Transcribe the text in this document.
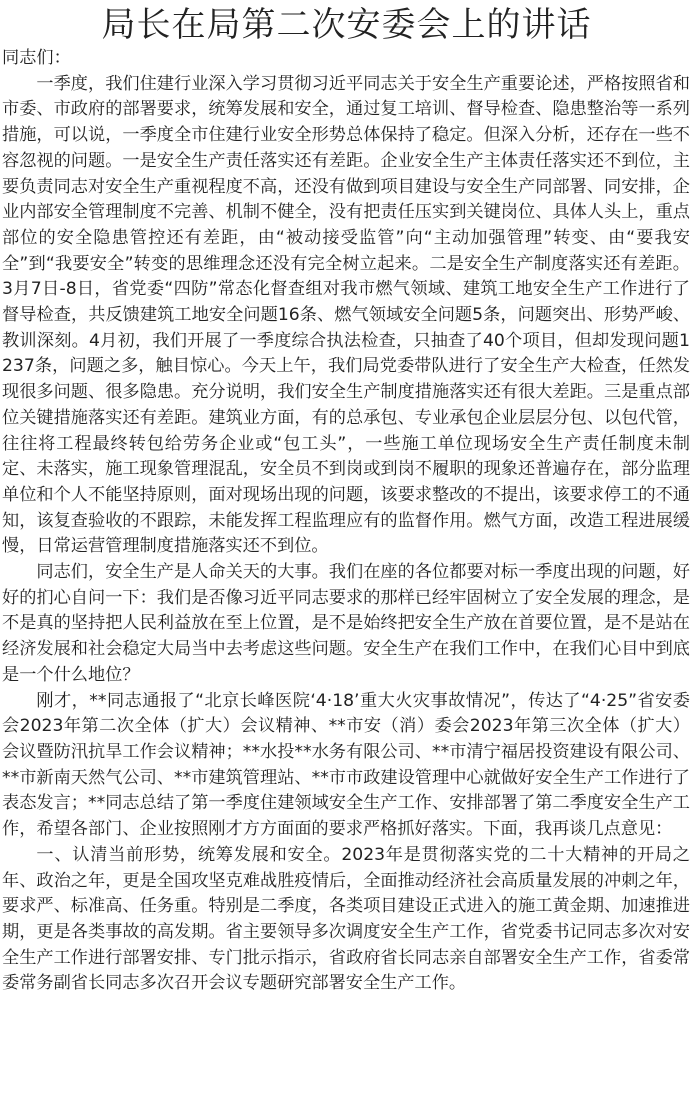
局长在局第二次安委会上的讲话

同志们：

一季度，我们住建行业深入学习贯彻习近平同志关于安全生产重要论述，严格按照省和市委、市政府的部署要求，统筹发展和安全，通过复工培训、督导检查、隐患整治等一系列措施，可以说，一季度全市住建行业安全形势总体保持了稳定。但深入分析，还存在一些不容忽视的问题。一是安全生产责任落实还有差距。企业安全生产主体责任落实还不到位，主要负责同志对安全生产重视程度不高，还没有做到项目建设与安全生产同部署、同安排，企业内部安全管理制度不完善、机制不健全，没有把责任压实到关键岗位、具体人头上，重点部位的安全隐患管控还有差距，由“被动接受监管”向“主动加强管理”转变、由“要我安全”到“我要安全”转变的思维理念还没有完全树立起来。二是安全生产制度落实还有差距。3月7日-8日，省党委“四防”常态化督查组对我市燃气领域、建筑工地安全生产工作进行了督导检查，共反馈建筑工地安全问题16条、燃气领域安全问题5条，问题突出、形势严峻、教训深刻。4月初，我们开展了一季度综合执法检查，只抽查了40个项目，但却发现问题1237条，问题之多，触目惊心。今天上午，我们局党委带队进行了安全生产大检查，任然发现很多问题、很多隐患。充分说明，我们安全生产制度措施落实还有很大差距。三是重点部位关键措施落实还有差距。建筑业方面，有的总承包、专业承包企业层层分包、以包代管，往往将工程最终转包给劳务企业或“包工头”，一些施工单位现场安全生产责任制度未制定、未落实，施工现象管理混乱，安全员不到岗或到岗不履职的现象还普遍存在，部分监理单位和个人不能坚持原则，面对现场出现的问题，该要求整改的不提出，该要求停工的不通知，该复查验收的不跟踪，未能发挥工程监理应有的监督作用。燃气方面，改造工程进展缓慢，日常运营管理制度措施落实还不到位。

同志们，安全生产是人命关天的大事。我们在座的各位都要对标一季度出现的问题，好好的扪心自问一下：我们是否像习近平同志要求的那样已经牢固树立了安全发展的理念，是不是真的坚持把人民利益放在至上位置，是不是始终把安全生产放在首要位置，是不是站在经济发展和社会稳定大局当中去考虑这些问题。安全生产在我们工作中，在我们心目中到底是一个什么地位？

刚才，**同志通报了“北京长峰医院‘4·18’重大火灾事故情况”，传达了“4·25”省安委会2023年第二次全体（扩大）会议精神、**市安（消）委会2023年第三次全体（扩大）会议暨防汛抗旱工作会议精神；**水投**水务有限公司、**市清宁福居投资建设有限公司、**市新南天然气公司、**市建筑管理站、**市市政建设管理中心就做好安全生产工作进行了表态发言；**同志总结了第一季度住建领域安全生产工作、安排部署了第二季度安全生产工作，希望各部门、企业按照刚才方方面面的要求严格抓好落实。下面，我再谈几点意见：

一、认清当前形势，统筹发展和安全。2023年是贯彻落实党的二十大精神的开局之年、政治之年，更是全国攻坚克难战胜疫情后，全面推动经济社会高质量发展的冲刺之年，要求严、标准高、任务重。特别是二季度，各类项目建设正式进入的施工黄金期、加速推进期，更是各类事故的高发期。省主要领导多次调度安全生产工作，省党委书记同志多次对安全生产工作进行部署安排、专门批示指示，省政府省长同志亲自部署安全生产工作，省委常委常务副省长同志多次召开会议专题研究部署安全生产工作。
